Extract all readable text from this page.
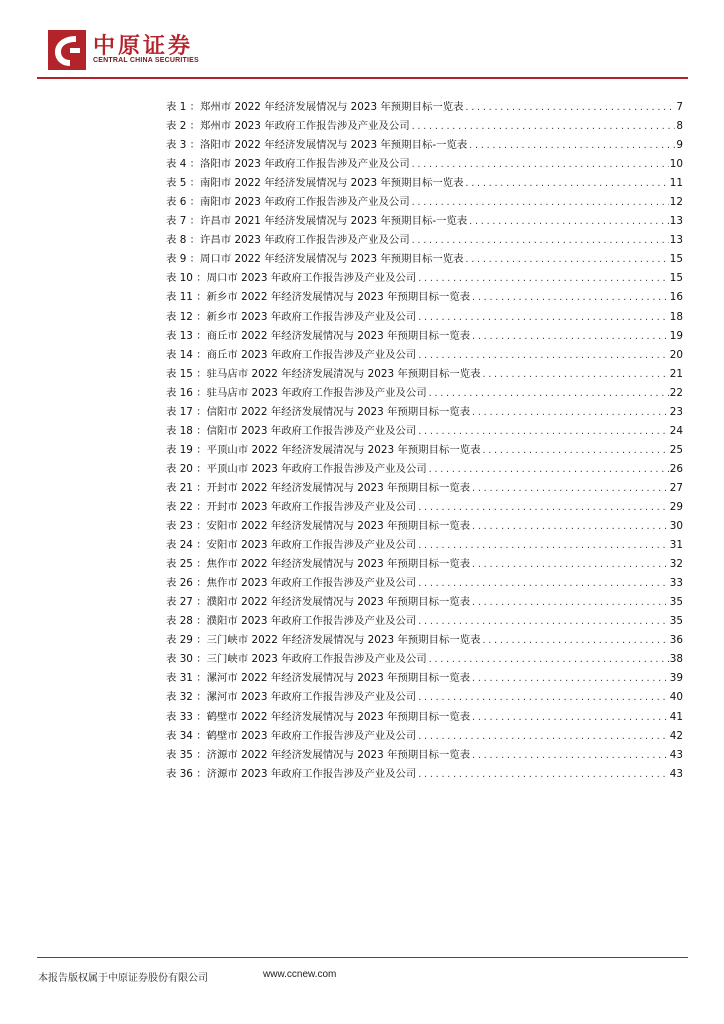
中原证券
CENTRAL CHINA SECURITIES
表 1 ： 郑州市 2022 年经济发展情况与 2023 年预期目标一览表 .....	7
表 2 ： 郑州市 2023 年政府工作报告涉及产业及公司 .....	8
表 3 ： 洛阳市 2022 年经济发展情况与 2023 年预期目标-一览表 .....	9
表 4 ： 洛阳市 2023 年政府工作报告涉及产业及公司 .....	10
表 5 ： 南阳市 2022 年经济发展情况与 2023 年预期目标一览表 .....	11
表 6 ： 南阳市 2023 年政府工作报告涉及产业及公司 .....	12
表 7 ： 许昌市 2021 年经济发展情况与 2023 年预期目标-一览表 .....	13
表 8 ： 许昌市 2023 年政府工作报告涉及产业及公司 .....	13
表 9 ： 周口市 2022 年经济发展情况与 2023 年预期目标一览表 .....	15
表 10 ： 周口市 2023 年政府工作报告涉及产业及公司 .....	15
表 11 ： 新乡市 2022 年经济发展情况与 2023 年预期目标一览表 .....	16
表 12 ： 新乡市 2023 年政府工作报告涉及产业及公司 .....	18
表 13 ： 商丘市 2022 年经济发展情况与 2023 年预期目标一览表 .....	19
表 14 ： 商丘市 2023 年政府工作报告涉及产业及公司 .....	20
表 15 ： 驻马店市 2022 年经济发展清况与 2023 年预期目标一览表 .....	21
表 16 ： 驻马店市 2023 年政府工作报告涉及产业及公司 .....	22
表 17 ： 信阳市 2022 年经济发展情况与 2023 年预期目标一览表 .....	23
表 18 ： 信阳市 2023 年政府工作报告涉及产业及公司 .....	24
表 19 ： 平顶山市 2022 年经济发展清况与 2023 年预期目标一览表 .....	25
表 20 ： 平顶山市 2023 年政府工作报告涉及产业及公司 .....	26
表 21 ： 开封市 2022 年经济发展情况与 2023 年预期目标一览表 .....	27
表 22 ： 开封市 2023 年政府工作报告涉及产业及公司 .....	29
表 23 ： 安阳市 2022 年经济发展情况与 2023 年预期目标一览表 .....	30
表 24 ： 安阳市 2023 年政府工作报告涉及产业及公司 .....	31
表 25 ： 焦作市 2022 年经济发展情况与 2023 年预期目标一览表 .....	32
表 26 ： 焦作市 2023 年政府工作报告涉及产业及公司 .....	33
表 27 ： 濮阳市 2022 年经济发展情况与 2023 年预期目标一览表 .....	35
表 28 ： 濮阳市 2023 年政府工作报告涉及产业及公司 .....	35
表 29 ： 三门峡市 2022 年经济发展情况与 2023 年预期目标一览表 .....	36
表 30 ： 三门峡市 2023 年政府工作报告涉及产业及公司 .....	38
表 31 ： 漯河市 2022 年经济发展情况与 2023 年预期目标一览表 .....	39
表 32 ： 漯河市 2023 年政府工作报告涉及产业及公司 .....	40
表 33 ： 鹤壁市 2022 年经济发展情况与 2023 年预期目标一览表 .....	41
表 34 ： 鹤壁市 2023 年政府工作报告涉及产业及公司 .....	42
表 35 ： 济源市 2022 年经济发展情况与 2023 年预期目标一览表 .....	43
表 36 ： 济源市 2023 年政府工作报告涉及产业及公司 .....	43
本报告版权属于中原证券股份有限公司	www.ccnew.com
